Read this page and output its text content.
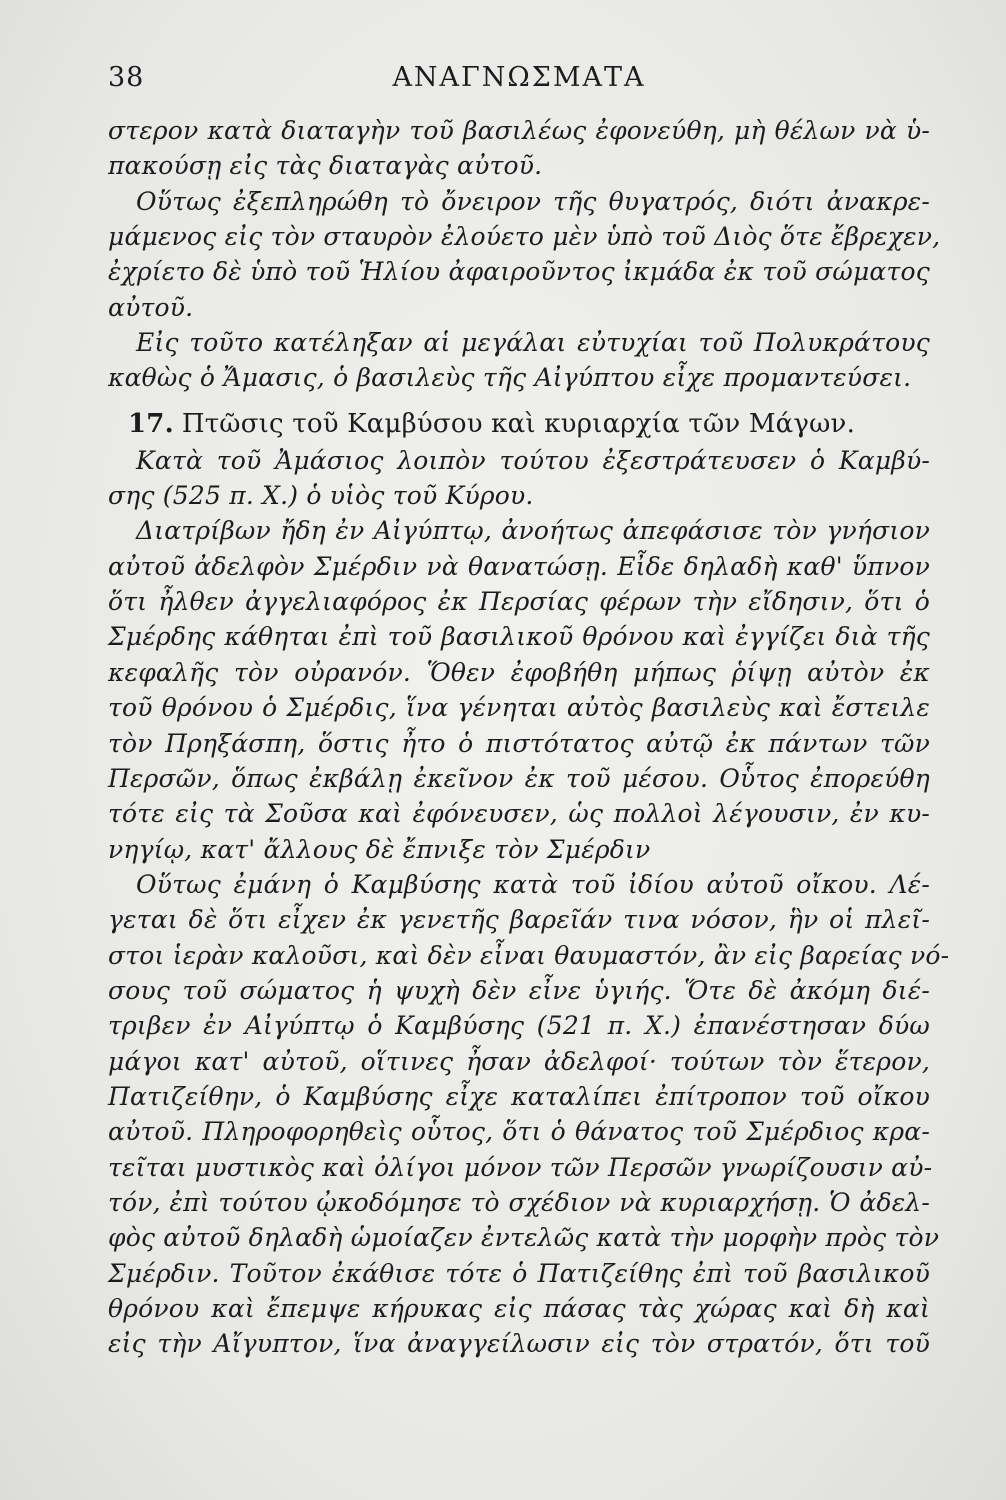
38	ΑΝΑΓΝΩΣΜΑΤΑ
στερον κατὰ διαταγὴν τοῦ βασιλέως ἐφονεύθη, μὴ θέλων νὰ ὑ-
πακούσῃ εἰς τὰς διαταγὰς αὐτοῦ.
Οὕτως ἐξεπληρώθη τὸ ὄνειρον τῆς θυγατρός, διότι ἀνακρε-
μάμενος εἰς τὸν σταυρὸν ἐλούετο μὲν ὑπὸ τοῦ Διὸς ὅτε ἔβρεχεν,
ἐχρίετο δὲ ὑπὸ τοῦ Ἡλίου ἀφαιροῦντος ἰκμάδα ἐκ τοῦ σώματος
αὐτοῦ.
Εἰς τοῦτο κατέληξαν αἱ μεγάλαι εὐτυχίαι τοῦ Πολυκράτους
καθὼς ὁ Ἄμασις, ὁ βασιλεὺς τῆς Αἰγύπτου εἶχε προμαντεύσει.
17. Πτῶσις τοῦ Καμβύσου καὶ κυριαρχία τῶν Μάγων.
Κατὰ τοῦ Ἀμάσιος λοιπὸν τούτου ἐξεστράτευσεν ὁ Καμβύ-
σης (525 π. Χ.) ὁ υἱὸς τοῦ Κύρου.
Διατρίβων ἤδη ἐν Αἰγύπτῳ, ἀνοήτως ἀπεφάσισε τὸν γνήσιον
αὐτοῦ ἀδελφὸν Σμέρδιν νὰ θανατώσῃ. Εἶδε δηλαδὴ καθ' ὕπνον
ὅτι ἦλθεν ἀγγελιαφόρος ἐκ Περσίας φέρων τὴν εἴδησιν, ὅτι ὁ
Σμέρδης κάθηται ἐπὶ τοῦ βασιλικοῦ θρόνου καὶ ἐγγίζει διὰ τῆς
κεφαλῆς τὸν οὐρανόν. Ὅθεν ἐφοβήθη μήπως ῥίψῃ αὐτὸν ἐκ
τοῦ θρόνου ὁ Σμέρδις, ἵνα γένηται αὐτὸς βασιλεὺς καὶ ἔστειλε
τὸν Πρηξάσπη, ὅστις ἦτο ὁ πιστότατος αὐτῷ ἐκ πάντων τῶν
Περσῶν, ὅπως ἐκβάλῃ ἐκεῖνον ἐκ τοῦ μέσου. Οὗτος ἐπορεύθη
τότε εἰς τὰ Σοῦσα καὶ ἐφόνευσεν, ὡς πολλοὶ λέγουσιν, ἐν κυ-
νηγίῳ, κατ' ἄλλους δὲ ἔπνιξε τὸν Σμέρδιν
Οὕτως ἐμάνη ὁ Καμβύσης κατὰ τοῦ ἰδίου αὐτοῦ οἴκου. Λέ-
γεται δὲ ὅτι εἶχεν ἐκ γενετῆς βαρεῖάν τινα νόσον, ἣν οἱ πλεῖ-
στοι ἱερὰν καλοῦσι, καὶ δὲν εἶναι θαυμαστόν, ἂν εἰς βαρείας νό-
σους τοῦ σώματος ἡ ψυχὴ δὲν εἶνε ὑγιής. Ὅτε δὲ ἀκόμη διέ-
τριβεν ἐν Αἰγύπτῳ ὁ Καμβύσης (521 π. Χ.) ἐπανέστησαν δύω
μάγοι κατ' αὐτοῦ, οἵτινες ἦσαν ἀδελφοί· τούτων τὸν ἕτερον,
Πατιζείθην, ὁ Καμβύσης εἶχε καταλίπει ἐπίτροπον τοῦ οἴκου
αὐτοῦ. Πληροφορηθεὶς οὗτος, ὅτι ὁ θάνατος τοῦ Σμέρδιος κρα-
τεῖται μυστικὸς καὶ ὀλίγοι μόνον τῶν Περσῶν γνωρίζουσιν αὐ-
τόν, ἐπὶ τούτου ᾠκοδόμησε τὸ σχέδιον νὰ κυριαρχήσῃ. Ὁ ἀδελ-
φὸς αὐτοῦ δηλαδὴ ὡμοίαζεν ἐντελῶς κατὰ τὴν μορφὴν πρὸς τὸν
Σμέρδιν. Τοῦτον ἐκάθισε τότε ὁ Πατιζείθης ἐπὶ τοῦ βασιλικοῦ
θρόνου καὶ ἔπεμψε κήρυκας εἰς πάσας τὰς χώρας καὶ δὴ καὶ
εἰς τὴν Αἴγυπτον, ἵνα ἀναγγείλωσιν εἰς τὸν στρατόν, ὅτι τοῦ
